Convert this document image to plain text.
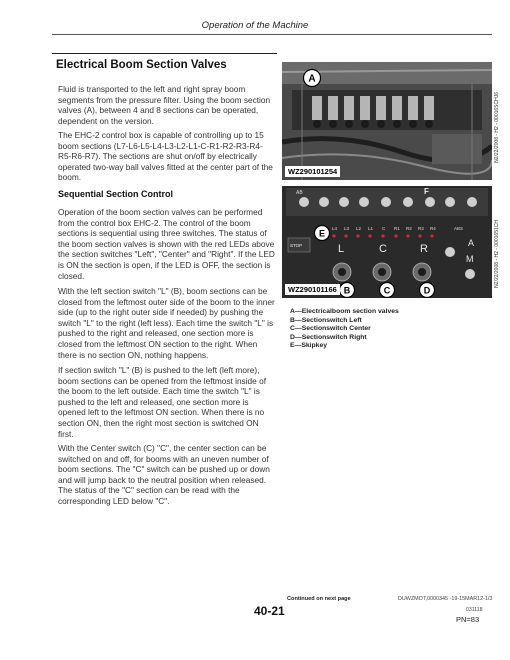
Operation of the Machine
Electrical Boom Section Valves

Fluid is transported to the left and right spray boom segments from the pressure filter. Using the boom section valves (A), between 4 and 8 sections can be operated, dependent on the version.

The EHC-2 control box is capable of controlling up to 15 boom sections (L7-L6-L5-L4-L3-L2-L1-C-R1-R2-R3-R4-R5-R6-R7). The sections are shut on/off by electrically operated two-way ball valves fitted at the center part of the boom.

Sequential Section Control

Operation of the boom section valves can be performed from the control box EHC-2. The control of the boom sections is sequential using three switches. The status of the boom section valves is shown with the red LEDs above the section switches "Left", "Center" and "Right". If the LED is ON the section is open, if the LED is OFF, the section is closed.

With the left section switch "L" (B), boom sections can be closed from the leftmost outer side of the boom to the inner side (up to the right outer side if needed) by pushing the switch "L" to the right (left less). Each time the switch "L" is pushed to the right and released, one section more is closed from the leftmost ON section to the right. When there is no section ON, nothing happens.

If section switch "L" (B) is pushed to the left (left more), boom sections can be opened from the leftmost inside of the boom to the left outside. Each time the switch "L" is pushed to the left and released, one section more is opened left to the leftmost ON section. When there is no section ON, then the right most section is switched ON first.

With the Center switch (C) "C", the center section can be switched on and off, for booms with an uneven number of boom sections. The "C" switch can be pushed up or down and will jump back to the neutral position when released. The status of the "C" section can be read with the corresponding LED below "C".

A
WZ290101254
N2/22/2008 - H2 - 00016SCHJ6
AB	F
ABS
L4 L3 L2 L1 C R1 R2 R3 R4
STOP	L	C	R	A
M
E
B	C	D
WZ290101166
N2/22/2008 - H2 - 0001651CH
A—Electricalboom section valves
B—Sectionswitch Left
C—Sectionswitch Center
D—Sectionswitch Right
E—Skipkey
Continued on next page	DUWZMOT,0000345 -19-15MAR12-1/3
40-21	031118
PN=83
